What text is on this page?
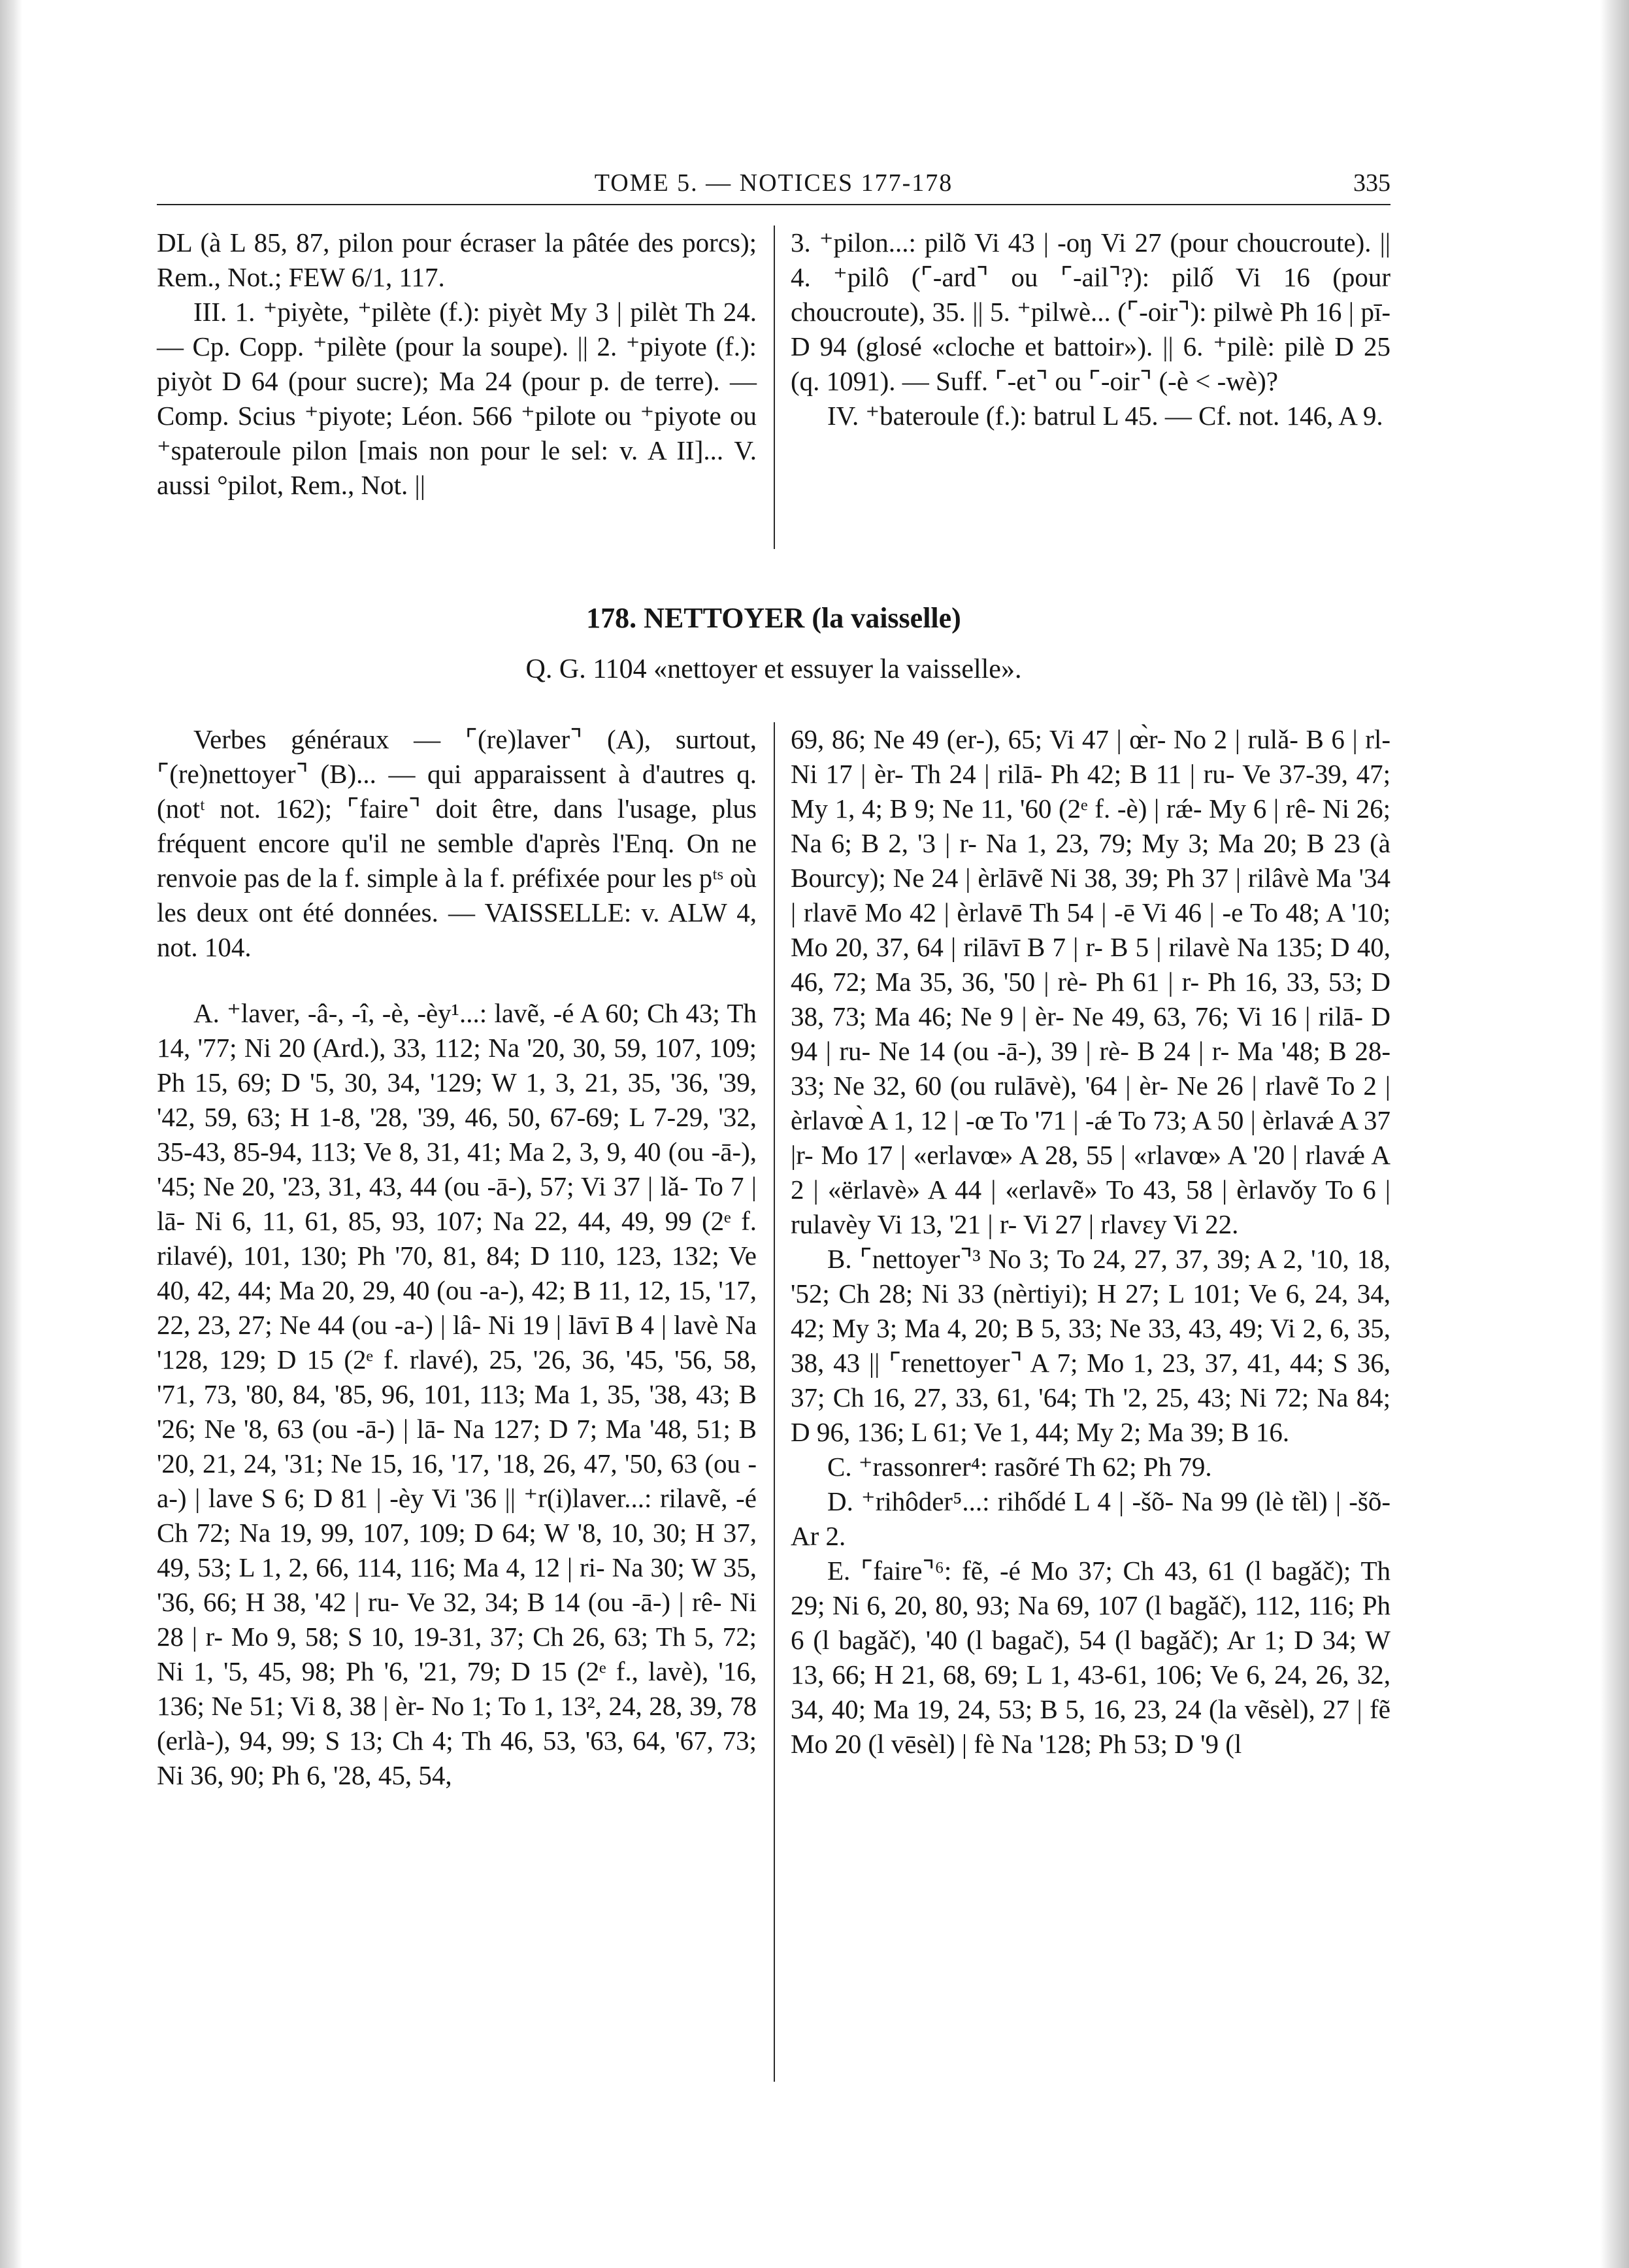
TOME 5. — NOTICES 177-178	335

DL (à L 85, 87, pilon pour écraser la pâtée des porcs); Rem., Not.; FEW 6/1, 117.

III. 1. ⁺piyète, ⁺pilète (f.): piyèt My 3 | pilèt Th 24. — Cp. Copp. ⁺pilète (pour la soupe). || 2. ⁺piyote (f.): piyòt D 64 (pour sucre); Ma 24 (pour p. de terre). — Comp. Scius ⁺piyote; Léon. 566 ⁺pilote ou ⁺piyote ou ⁺spateroule pilon [mais non pour le sel: v. A II]... V. aussi °pilot, Rem., Not. ||

3. ⁺pilon...: pilõ Vi 43 | -oŋ Vi 27 (pour choucroute). || 4. ⁺pilô (⌜-ard⌝ ou ⌜-ail⌝?): pilố Vi 16 (pour choucroute), 35. || 5. ⁺pilwè... (⌜-oir⌝): pilwè Ph 16 | pī- D 94 (glosé «cloche et battoir»). || 6. ⁺pilè: pilè D 25 (q. 1091). — Suff. ⌜-et⌝ ou ⌜-oir⌝ (-è < -wè)?

IV. ⁺bateroule (f.): batrul L 45. — Cf. not. 146, A 9.

178. NETTOYER (la vaisselle)
Q. G. 1104 «nettoyer et essuyer la vaisselle».

Verbes généraux — ⌜(re)laver⌝ (A), surtout, ⌜(re)nettoyer⌝ (B)... — qui apparaissent à d'autres q. (notᵗ not. 162); ⌜faire⌝ doit être, dans l'usage, plus fréquent encore qu'il ne semble d'après l'Enq. On ne renvoie pas de la f. simple à la f. préfixée pour les pᵗˢ où les deux ont été données. — VAISSELLE: v. ALW 4, not. 104.

A. ⁺laver, -â-, -î, -è, -èy¹...: lavẽ, -é A 60; Ch 43; Th 14, '77; Ni 20 (Ard.), 33, 112; Na '20, 30, 59, 107, 109; Ph 15, 69; D '5, 30, 34, '129; W 1, 3, 21, 35, '36, '39, '42, 59, 63; H 1-8, '28, '39, 46, 50, 67-69; L 7-29, '32, 35-43, 85-94, 113; Ve 8, 31, 41; Ma 2, 3, 9, 40 (ou -ā-), '45; Ne 20, '23, 31, 43, 44 (ou -ā-), 57; Vi 37 | lǎ- To 7 | lā- Ni 6, 11, 61, 85, 93, 107; Na 22, 44, 49, 99 (2ᵉ f. rilavé), 101, 130; Ph '70, 81, 84; D 110, 123, 132; Ve 40, 42, 44; Ma 20, 29, 40 (ou -a-), 42; B 11, 12, 15, '17, 22, 23, 27; Ne 44 (ou -a-) | lâ- Ni 19 | lāvī B 4 | lavè Na '128, 129; D 15 (2ᵉ f. rlavé), 25, '26, 36, '45, '56, 58, '71, 73, '80, 84, '85, 96, 101, 113; Ma 1, 35, '38, 43; B '26; Ne '8, 63 (ou -ā-) | lā- Na 127; D 7; Ma '48, 51; B '20, 21, 24, '31; Ne 15, 16, '17, '18, 26, 47, '50, 63 (ou -a-) | lave S 6; D 81 | -èy Vi '36 || ⁺r(i)laver...: rilavẽ, -é Ch 72; Na 19, 99, 107, 109; D 64; W '8, 10, 30; H 37, 49, 53; L 1, 2, 66, 114, 116; Ma 4, 12 | ri- Na 30; W 35, '36, 66; H 38, '42 | ru- Ve 32, 34; B 14 (ou -ā-) | rê- Ni 28 | r- Mo 9, 58; S 10, 19-31, 37; Ch 26, 63; Th 5, 72; Ni 1, '5, 45, 98; Ph '6, '21, 79; D 15 (2ᵉ f., lavè), '16, 136; Ne 51; Vi 8, 38 | èr- No 1; To 1, 13², 24, 28, 39, 78 (erlà-), 94, 99; S 13; Ch 4; Th 46, 53, '63, 64, '67, 73; Ni 36, 90; Ph 6, '28, 45, 54,

69, 86; Ne 49 (er-), 65; Vi 47 | œ̀r- No 2 | rulǎ- B 6 | rl- Ni 17 | èr- Th 24 | rilā- Ph 42; B 11 | ru- Ve 37-39, 47; My 1, 4; B 9; Ne 11, '60 (2ᵉ f. -è) | rǽ- My 6 | rê- Ni 26; Na 6; B 2, '3 | r- Na 1, 23, 79; My 3; Ma 20; B 23 (à Bourcy); Ne 24 | èrlāvẽ Ni 38, 39; Ph 37 | rilâvè Ma '34 | rlavē Mo 42 | èrlavē Th 54 | -ē Vi 46 | -e To 48; A '10; Mo 20, 37, 64 | rilāvī B 7 | r- B 5 | rilavè Na 135; D 40, 46, 72; Ma 35, 36, '50 | rè- Ph 61 | r- Ph 16, 33, 53; D 38, 73; Ma 46; Ne 9 | èr- Ne 49, 63, 76; Vi 16 | rilā- D 94 | ru- Ne 14 (ou -ā-), 39 | rè- B 24 | r- Ma '48; B 28-33; Ne 32, 60 (ou rulāvè), '64 | èr- Ne 26 | rlavẽ To 2 | èrlavœ̀ A 1, 12 | -œ To '71 | -ǽ To 73; A 50 | èrlavǽ A 37 |r- Mo 17 | «erlavœ» A 28, 55 | «rlavœ» A '20 | rlavǽ A 2 | «ërlavè» A 44 | «erlavẽ» To 43, 58 | èrlavǒy To 6 | rulavèy Vi 13, '21 | r- Vi 27 | rlavɛy Vi 22.

B. ⌜nettoyer⌝³ No 3; To 24, 27, 37, 39; A 2, '10, 18, '52; Ch 28; Ni 33 (nèrtiyi); H 27; L 101; Ve 6, 24, 34, 42; My 3; Ma 4, 20; B 5, 33; Ne 33, 43, 49; Vi 2, 6, 35, 38, 43 || ⌜renettoyer⌝ A 7; Mo 1, 23, 37, 41, 44; S 36, 37; Ch 16, 27, 33, 61, '64; Th '2, 25, 43; Ni 72; Na 84; D 96, 136; L 61; Ve 1, 44; My 2; Ma 39; B 16.

C. ⁺rassonrer⁴: rasõré Th 62; Ph 79.

D. ⁺rihôder⁵...: rihốdé L 4 | -šõ- Na 99 (lè tềl) | -šõ- Ar 2.

E. ⌜faire⌝⁶: fẽ, -é Mo 37; Ch 43, 61 (l bagǎč); Th 29; Ni 6, 20, 80, 93; Na 69, 107 (l bagǎč), 112, 116; Ph 6 (l bagǎč), '40 (l bagač), 54 (l bagǎč); Ar 1; D 34; W 13, 66; H 21, 68, 69; L 1, 43-61, 106; Ve 6, 24, 26, 32, 34, 40; Ma 19, 24, 53; B 5, 16, 23, 24 (la vẽsèl), 27 | fẽ Mo 20 (l vēsèl) | fè Na '128; Ph 53; D '9 (l
